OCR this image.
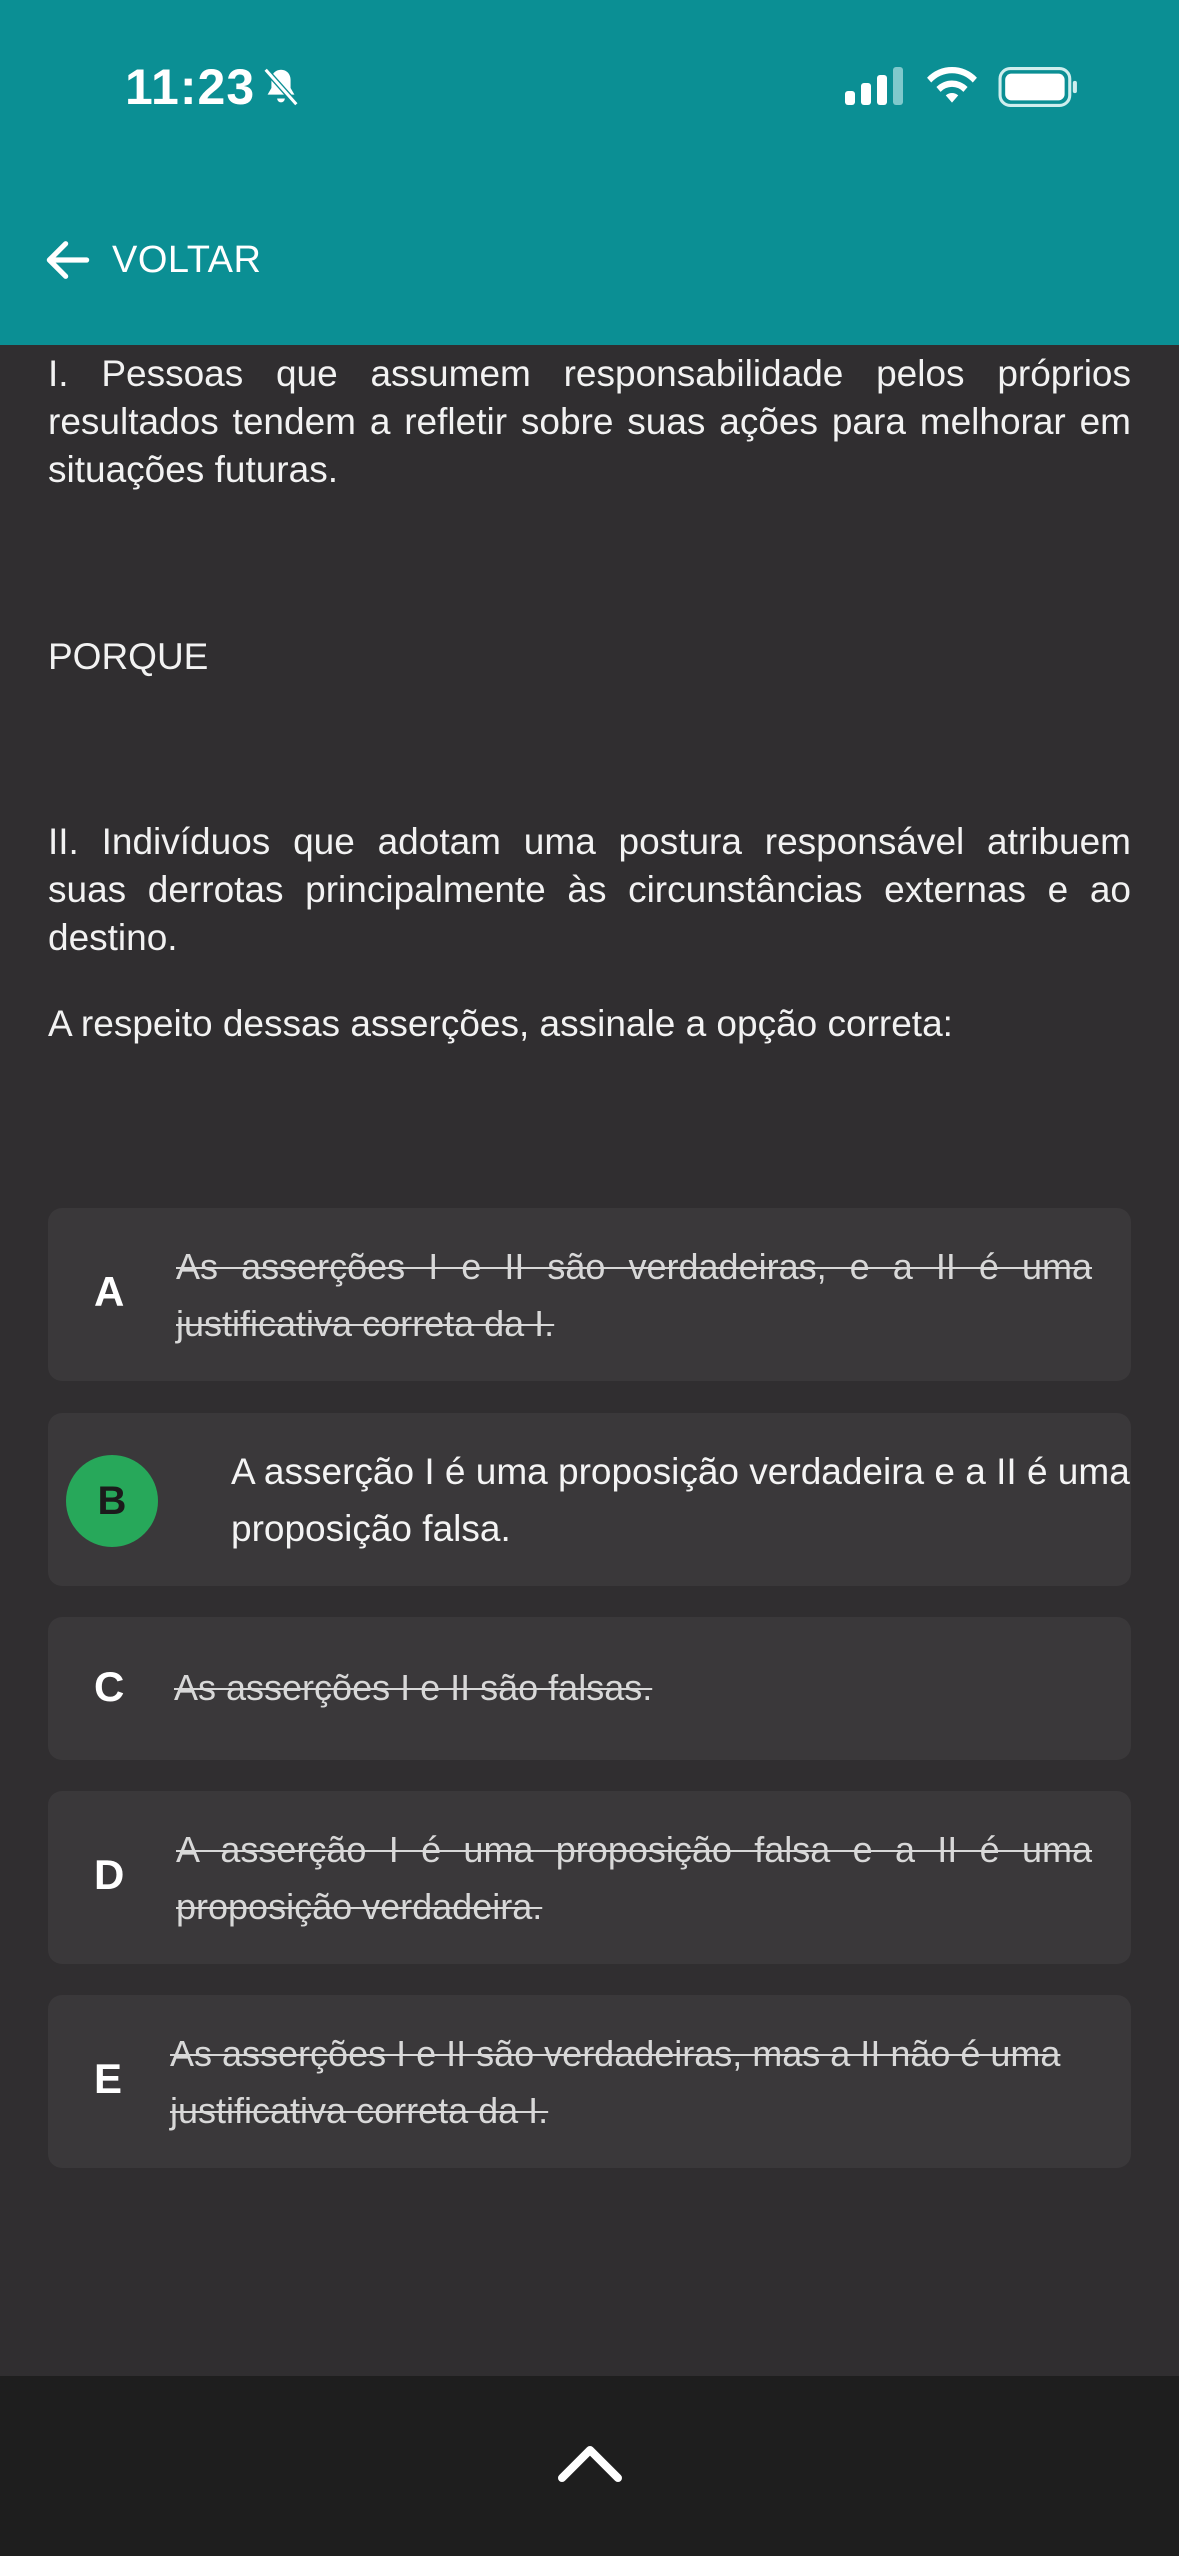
11:23
VOLTAR

I. Pessoas que assumem responsabilidade pelos próprios resultados tendem a refletir sobre suas ações para melhorar em situações futuras.

PORQUE

II. Indivíduos que adotam uma postura responsável atribuem suas derrotas principalmente às circunstâncias externas e ao destino.

A respeito dessas asserções, assinale a opção correta:

A
As asserções I e II são verdadeiras, e a II é uma justificativa correta da I.
B
A asserção I é uma proposição verdadeira e a II é uma proposição falsa.
C As asserções I e II são falsas.
D
A asserção I é uma proposição falsa e a II é uma proposição verdadeira.
E
As asserções I e II são verdadeiras, mas a II não é uma justificativa correta da I.
